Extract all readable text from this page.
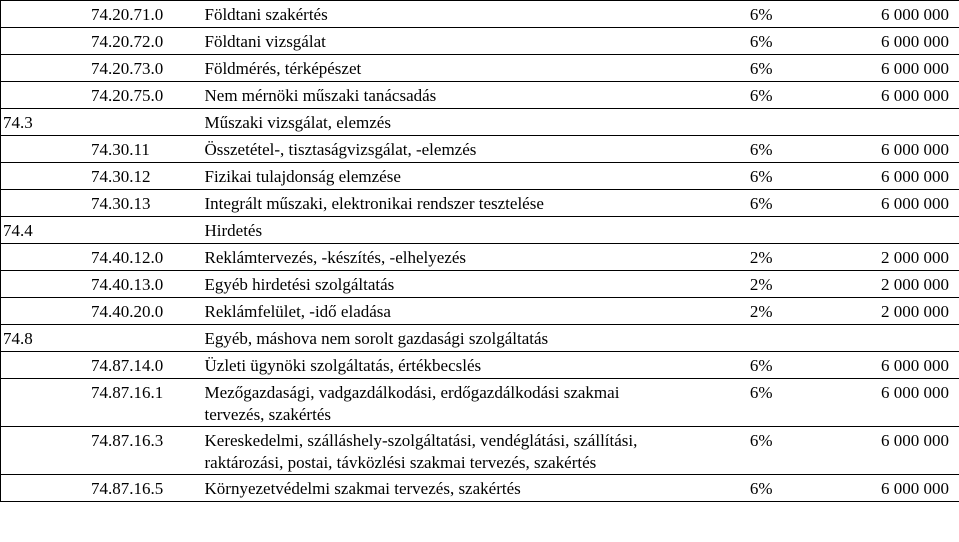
74.20.71.0	Földtani szakértés	6%	6 000 000
74.20.72.0	Földtani vizsgálat	6%	6 000 000
74.20.73.0	Földmérés, térképészet	6%	6 000 000
74.20.75.0	Nem mérnöki műszaki tanácsadás	6%	6 000 000
74.3	Műszaki vizsgálat, elemzés		
74.30.11	Összetétel-, tisztaságvizsgálat, -elemzés	6%	6 000 000
74.30.12	Fizikai tulajdonság elemzése	6%	6 000 000
74.30.13	Integrált műszaki, elektronikai rendszer tesztelése	6%	6 000 000
74.4	Hirdetés		
74.40.12.0	Reklámtervezés, -készítés, -elhelyezés	2%	2 000 000
74.40.13.0	Egyéb hirdetési szolgáltatás	2%	2 000 000
74.40.20.0	Reklámfelület, -idő eladása	2%	2 000 000
74.8	Egyéb, máshova nem sorolt gazdasági szolgáltatás		
74.87.14.0	Üzleti ügynöki szolgáltatás, értékbecslés	6%	6 000 000
74.87.16.1	Mezőgazdasági, vadgazdálkodási, erdőgazdálkodási szakmai tervezés, szakértés	6%	6 000 000
74.87.16.3	Kereskedelmi, szálláshely-szolgáltatási, vendéglátási, szállítási, raktározási, postai, távközlési szakmai tervezés, szakértés	6%	6 000 000
74.87.16.5	Környezetvédelmi szakmai tervezés, szakértés	6%	6 000 000
